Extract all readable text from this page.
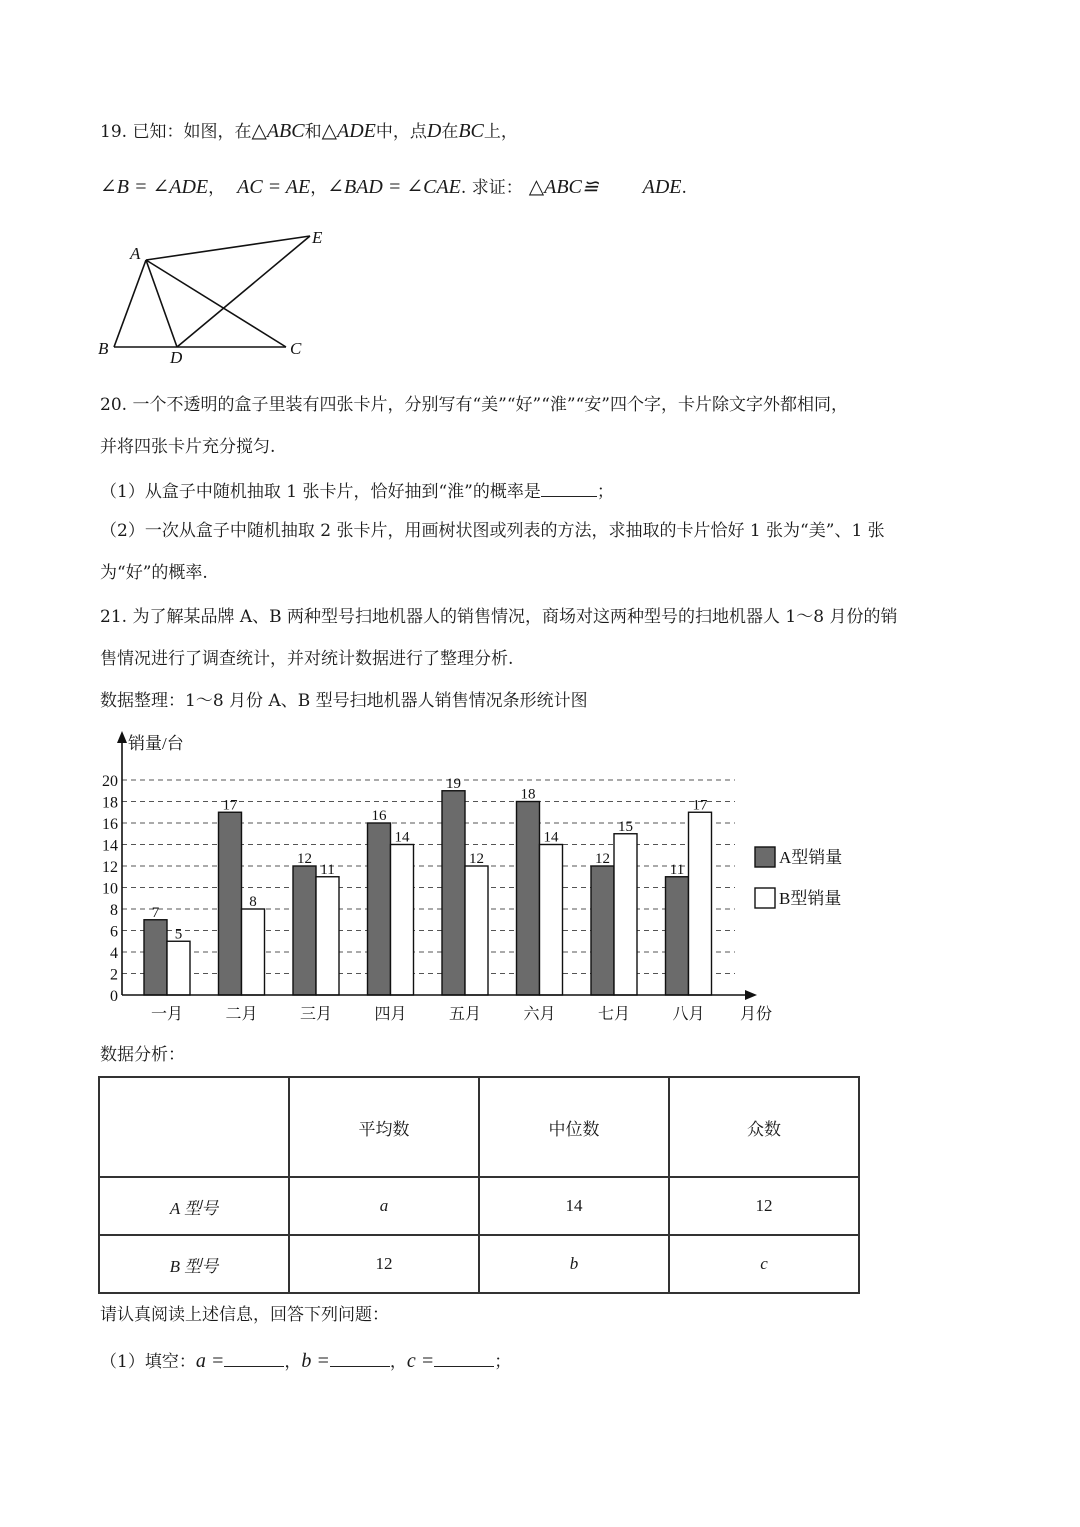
19. 已知：如图，在△ABC和△ADE中，点D在BC上，
∠B = ∠ADE， AC = AE，∠BAD = ∠CAE. 求证： △ABC≌ ADE.
A
E
B	D	C
20. 一个不透明的盒子里装有四张卡片，分别写有“美”“好”“淮”“安”四个字，卡片除文字外都相同，
并将四张卡片充分搅匀.
（1）从盒子中随机抽取 1 张卡片，恰好抽到“淮”的概率是	；
（2）一次从盒子中随机抽取 2 张卡片，用画树状图或列表的方法，求抽取的卡片恰好 1 张为“美”、1 张
为“好”的概率.
21. 为了解某品牌 A、B 两种型号扫地机器人的销售情况，商场对这两种型号的扫地机器人 1～8 月份的销
售情况进行了调查统计，并对统计数据进行了整理分析.
数据整理：1～8 月份 A、B 型号扫地机器人销售情况条形统计图
0
2
4
6
8
10
12
14
16
18
20
7
5
一月
17
8
二月
12
11
三月
16
14
四月
19
12
五月
18
14
六月
12
15
七月
11
17
八月
销量/台
月份
A型销量
B型销量
数据分析：
	平均数	中位数	众数
A 型号	a	14	12
B 型号	12	b	c
请认真阅读上述信息，回答下列问题：
（1）填空：a =	，b =	，c =	；
